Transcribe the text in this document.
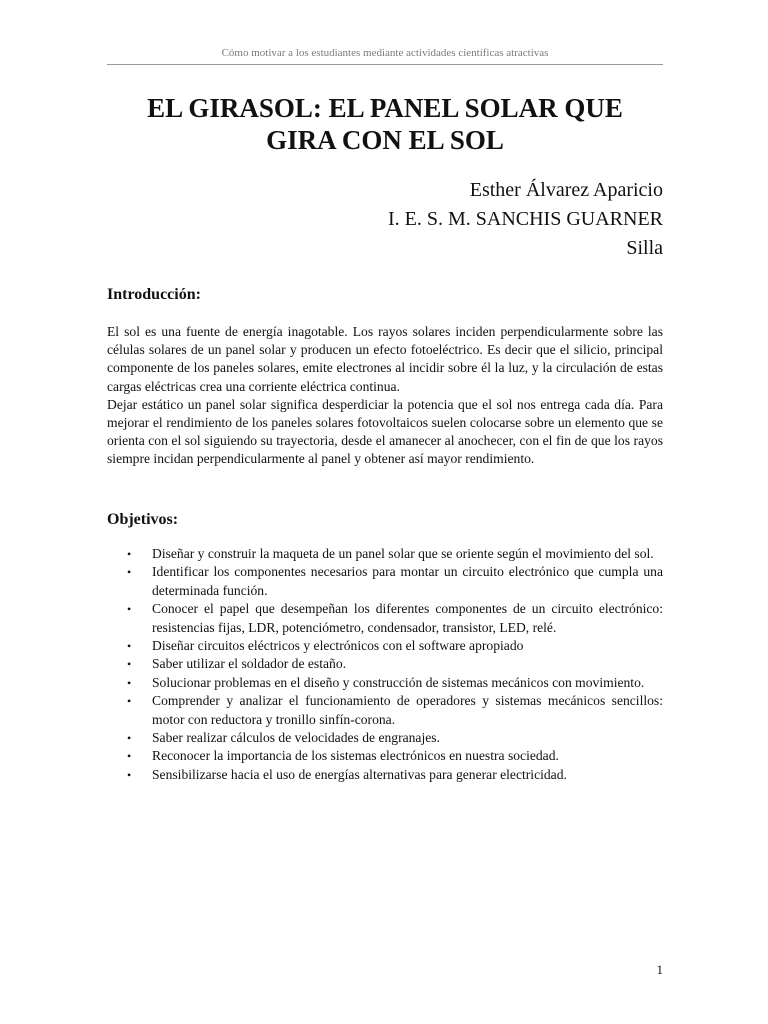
Cómo motivar a los estudiantes mediante actividades científicas atractivas
EL GIRASOL: EL PANEL SOLAR QUE
GIRA CON EL SOL
Esther Álvarez Aparicio
I. E. S. M. SANCHIS GUARNER
Silla
Introducción:

El sol es una fuente de energía inagotable. Los rayos solares inciden perpendicularmente sobre las células solares de un panel solar y producen un efecto fotoeléctrico. Es decir que el silicio, principal componente de los paneles solares, emite electrones al incidir sobre él la luz, y la circulación de estas cargas eléctricas crea una corriente eléctrica continua.

Dejar estático un panel solar significa desperdiciar la potencia que el sol nos entrega cada día. Para mejorar el rendimiento de los paneles solares fotovoltaicos suelen colocarse sobre un elemento que se orienta con el sol siguiendo su trayectoria, desde el amanecer al anochecer, con el fin de que los rayos siempre incidan perpendicularmente al panel y obtener así mayor rendimiento.

Objetivos:
• Diseñar y construir la maqueta de un panel solar que se oriente según el movimiento del sol.
• Identificar los componentes necesarios para montar un circuito electrónico que cumpla una determinada función.
• Conocer el papel que desempeñan los diferentes componentes de un circuito electrónico: resistencias fijas, LDR, potenciómetro, condensador, transistor, LED, relé.
• Diseñar circuitos eléctricos y electrónicos con el software apropiado
• Saber utilizar el soldador de estaño.
• Solucionar problemas en el diseño y construcción de sistemas mecánicos con movimiento.
• Comprender y analizar el funcionamiento de operadores y sistemas mecánicos sencillos: motor con reductora y tronillo sinfín-corona.
• Saber realizar cálculos de velocidades de engranajes.
• Reconocer la importancia de los sistemas electrónicos en nuestra sociedad.
• Sensibilizarse hacia el uso de energías alternativas para generar electricidad.
1
